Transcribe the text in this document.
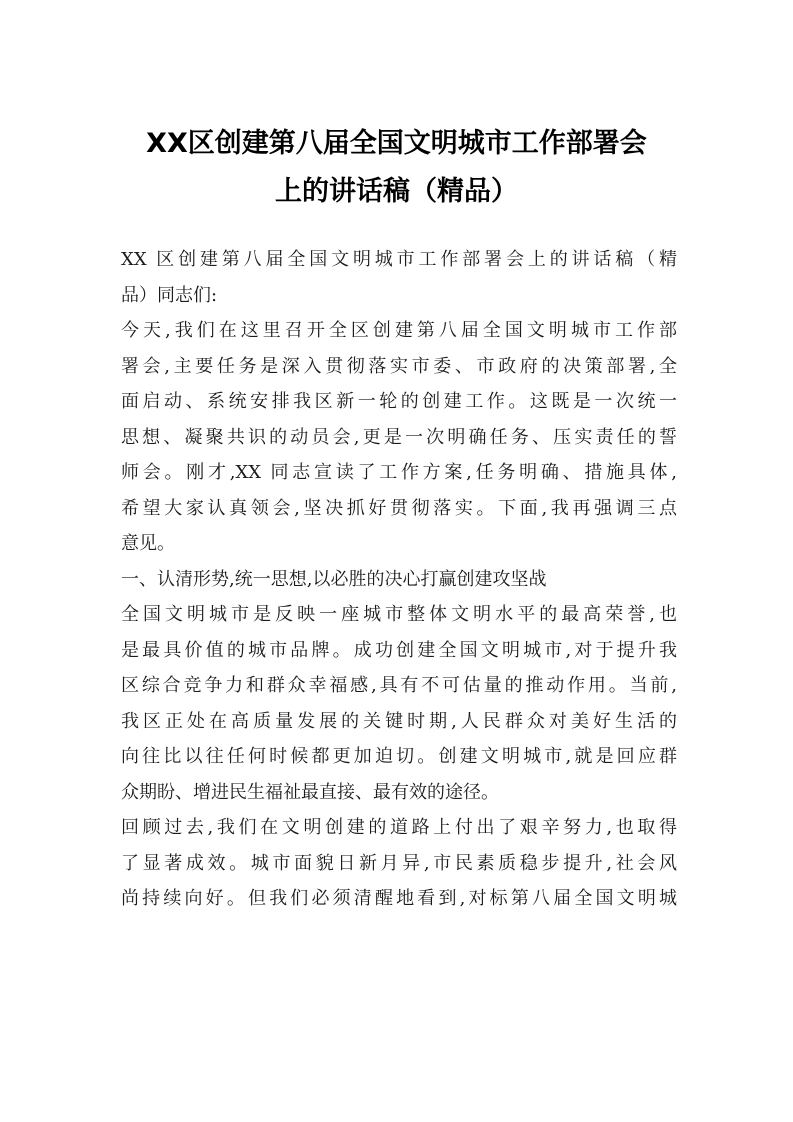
XX区创建第八届全国文明城市工作部署会
上的讲话稿（精品）
XX 区创建第八届全国文明城市工作部署会上的讲话稿（精
品）同志们:
今天,我们在这里召开全区创建第八届全国文明城市工作部
署会,主要任务是深入贯彻落实市委、市政府的决策部署,全
面启动、系统安排我区新一轮的创建工作。这既是一次统一
思想、凝聚共识的动员会,更是一次明确任务、压实责任的誓
师会。刚才,XX 同志宣读了工作方案,任务明确、措施具体,
希望大家认真领会,坚决抓好贯彻落实。下面,我再强调三点
意见。
一、认清形势,统一思想,以必胜的决心打赢创建攻坚战
全国文明城市是反映一座城市整体文明水平的最高荣誉,也
是最具价值的城市品牌。成功创建全国文明城市,对于提升我
区综合竞争力和群众幸福感,具有不可估量的推动作用。当前,
我区正处在高质量发展的关键时期,人民群众对美好生活的
向往比以往任何时候都更加迫切。创建文明城市,就是回应群
众期盼、增进民生福祉最直接、最有效的途径。
回顾过去,我们在文明创建的道路上付出了艰辛努力,也取得
了显著成效。城市面貌日新月异,市民素质稳步提升,社会风
尚持续向好。但我们必须清醒地看到,对标第八届全国文明城
